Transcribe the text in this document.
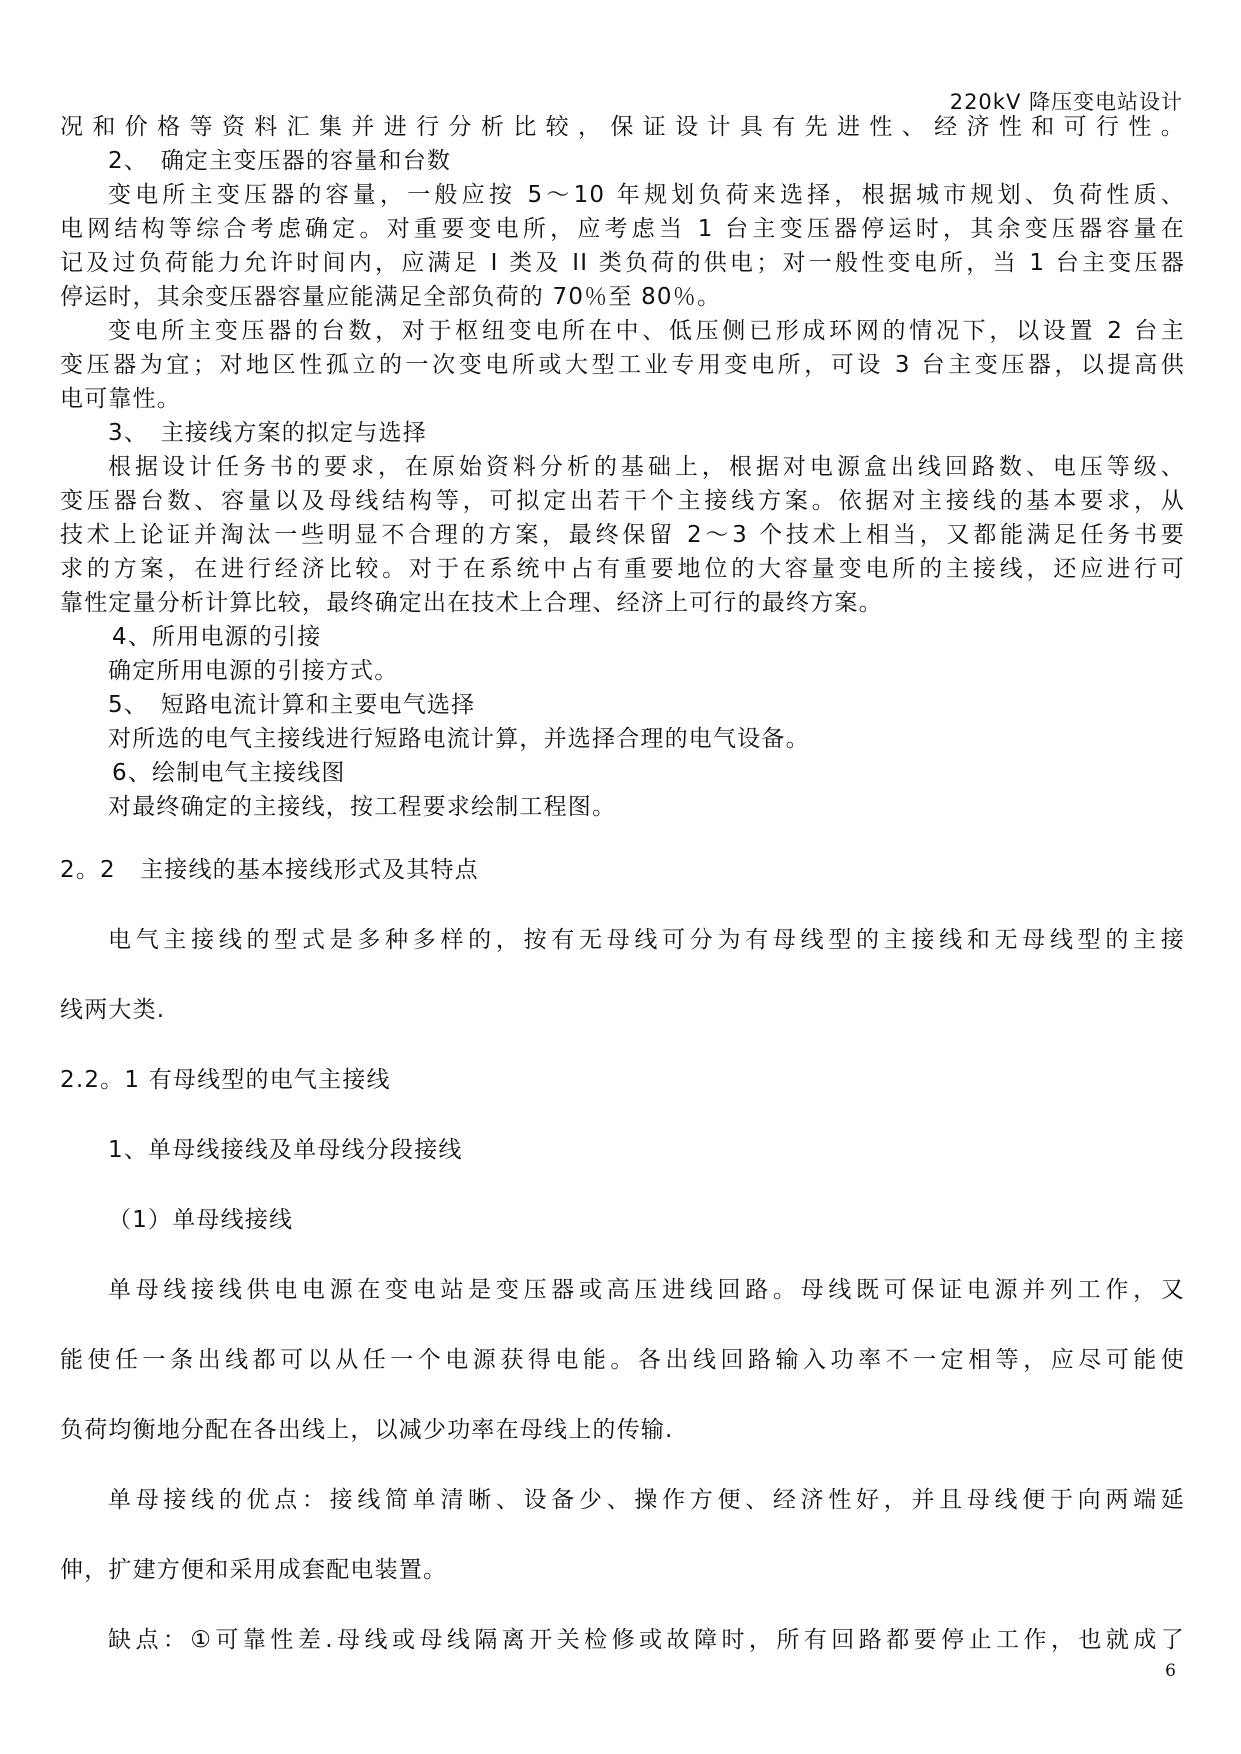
220kV 降压变电站设计
况和价格等资料汇集并进行分析比较，保证设计具有先进性、经济性和可行性。
2、　确定主变压器的容量和台数
变电所主变压器的容量，一般应按 5～10 年规划负荷来选择，根据城市规划、负荷性质、
电网结构等综合考虑确定。对重要变电所，应考虑当 1 台主变压器停运时，其余变压器容量在
记及过负荷能力允许时间内，应满足 I 类及 II 类负荷的供电；对一般性变电所，当 1 台主变压器
停运时，其余变压器容量应能满足全部负荷的 70％至 80％。
变电所主变压器的台数，对于枢纽变电所在中、低压侧已形成环网的情况下，以设置 2 台主
变压器为宜；对地区性孤立的一次变电所或大型工业专用变电所，可设 3 台主变压器，以提高供
电可靠性。
3、　主接线方案的拟定与选择
根据设计任务书的要求，在原始资料分析的基础上，根据对电源盒出线回路数、电压等级、
变压器台数、容量以及母线结构等，可拟定出若干个主接线方案。依据对主接线的基本要求，从
技术上论证并淘汰一些明显不合理的方案，最终保留 2～3 个技术上相当，又都能满足任务书要
求的方案，在进行经济比较。对于在系统中占有重要地位的大容量变电所的主接线，还应进行可
靠性定量分析计算比较，最终确定出在技术上合理、经济上可行的最终方案。
4、所用电源的引接
确定所用电源的引接方式。
5、　短路电流计算和主要电气选择
对所选的电气主接线进行短路电流计算，并选择合理的电气设备。
6、绘制电气主接线图
对最终确定的主接线，按工程要求绘制工程图。
2。2　主接线的基本接线形式及其特点
电气主接线的型式是多种多样的，按有无母线可分为有母线型的主接线和无母线型的主接
线两大类.
2.2。1 有母线型的电气主接线
1、单母线接线及单母线分段接线
（1）单母线接线
单母线接线供电电源在变电站是变压器或高压进线回路。母线既可保证电源并列工作，又
能使任一条出线都可以从任一个电源获得电能。各出线回路输入功率不一定相等，应尽可能使
负荷均衡地分配在各出线上，以减少功率在母线上的传输.
单母接线的优点：接线简单清晰、设备少、操作方便、经济性好，并且母线便于向两端延
伸，扩建方便和采用成套配电装置。
缺点：①可靠性差.母线或母线隔离开关检修或故障时，所有回路都要停止工作，也就成了
6
